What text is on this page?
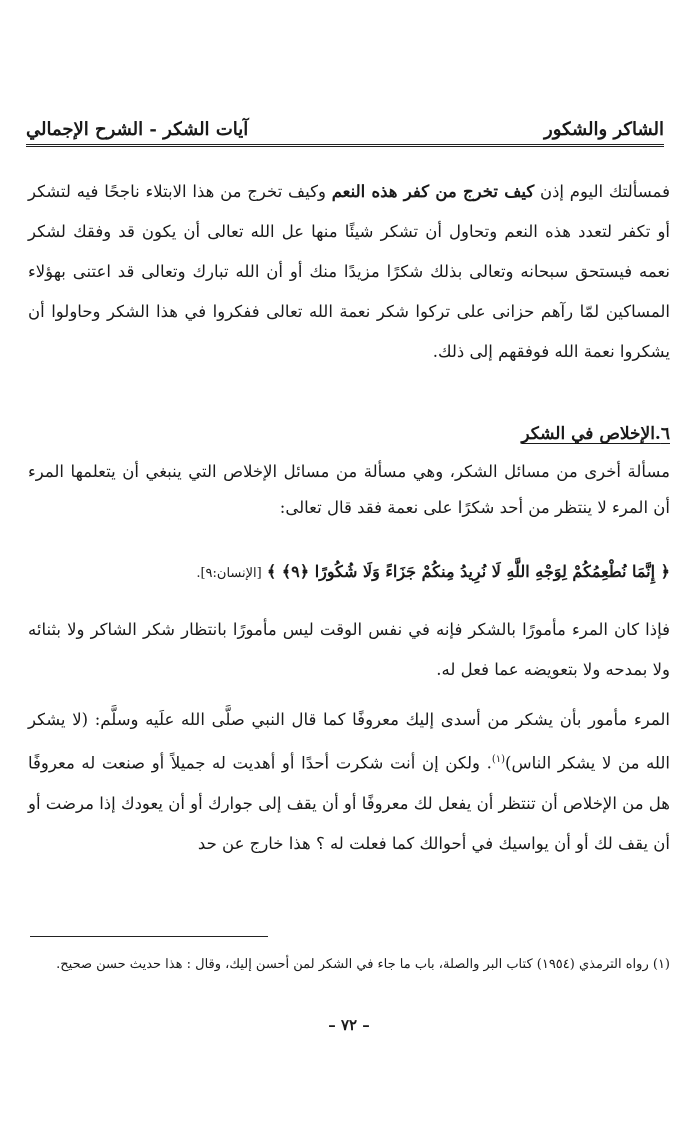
الشاكر والشكور
آيات الشكر - الشرح الإجمالي

فمسألتك اليوم إذن كيف تخرج من كفر هذه النعم وكيف تخرج من هذا الابتلاء ناجحًا فيه لتشكر أو تكفر لتعدد هذه النعم وتحاول أن تشكر شيئًا منها عل الله تعالى أن يكون قد وفقك لشكر نعمه فيستحق سبحانه وتعالى بذلك شكرًا مزيدًا منك أو أن الله تبارك وتعالى قد اعتنى بهؤلاء المساكين لمّا رآهم حزانى على تركوا شكر نعمة الله تعالى ففكروا في هذا الشكر وحاولوا أن يشكروا نعمة الله فوفقهم إلى ذلك.

٦.الإخلاص في الشكر

مسألة أخرى من مسائل الشكر، وهي مسألة من مسائل الإخلاص التي ينبغي أن يتعلمها المرء أن المرء لا ينتظر من أحد شكرًا على نعمة فقد قال تعالى:

﴿ إِنَّمَا نُطْعِمُكُمْ لِوَجْهِ اللَّهِ لَا نُرِيدُ مِنكُمْ جَزَاءً وَلَا شُكُورًا ﴿٩﴾ ﴾ [الإنسان:٩].

فإذا كان المرء مأمورًا بالشكر فإنه في نفس الوقت ليس مأمورًا بانتظار شكر الشاكر ولا بثنائه ولا بمدحه ولا بتعويضه عما فعل له.

المرء مأمور بأن يشكر من أسدى إليك معروفًا كما قال النبي صلَّى الله علَيه وسلَّم: (لا يشكر الله من لا يشكر الناس)$^{(١)}$. ولكن إن أنت شكرت أحدًا أو أهديت له جميلاً أو صنعت له معروفًا هل من الإخلاص أن تنتظر أن يفعل لك معروفًا أو أن يقف إلى جوارك أو أن يعودك إذا مرضت أو أن يقف لك أو أن يواسيك في أحوالك كما فعلت له ؟ هذا خارج عن حد

(١) رواه الترمذي (١٩٥٤) كتاب البر والصلة، باب ما جاء في الشكر لمن أحسن إليك، وقال : هذا حديث حسن صحيح.

– ٧٢ –
